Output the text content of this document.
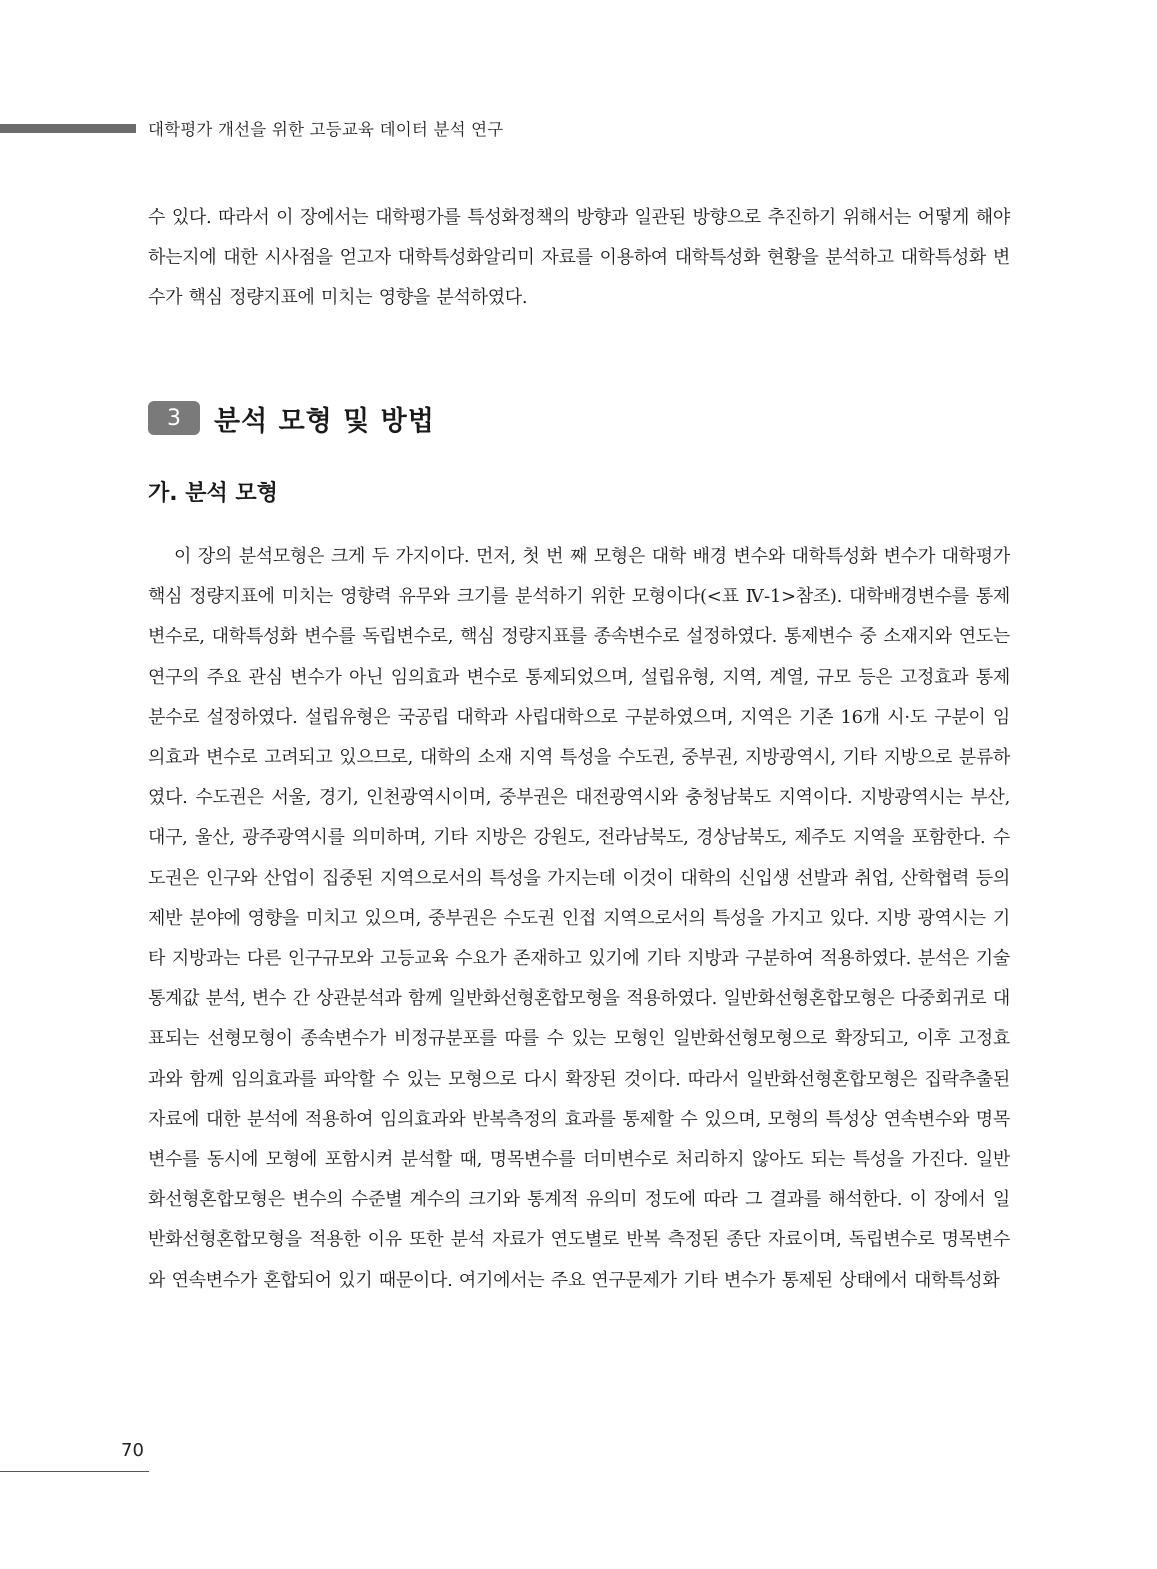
대학평가 개선을 위한 고등교육 데이터 분석 연구

수 있다. 따라서 이 장에서는 대학평가를 특성화정책의 방향과 일관된 방향으로 추진하기 위해서는 어떻게 해야 하는지에 대한 시사점을 얻고자 대학특성화알리미 자료를 이용하여 대학특성화 현황을 분석하고 대학특성화 변수가 핵심 정량지표에 미치는 영향을 분석하였다.

3	분석 모형 및 방법
가. 분석 모형

이 장의 분석모형은 크게 두 가지이다. 먼저, 첫 번 째 모형은 대학 배경 변수와 대학특성화 변수가 대학평가 핵심 정량지표에 미치는 영향력 유무와 크기를 분석하기 위한 모형이다(<표 Ⅳ-1>참조). 대학배경변수를 통제변수로, 대학특성화 변수를 독립변수로, 핵심 정량지표를 종속변수로 설정하였다. 통제변수 중 소재지와 연도는 연구의 주요 관심 변수가 아닌 임의효과 변수로 통제되었으며, 설립유형, 지역, 계열, 규모 등은 고정효과 통제 분수로 설정하였다. 설립유형은 국공립 대학과 사립대학으로 구분하였으며, 지역은 기존 16개 시·도 구분이 임의효과 변수로 고려되고 있으므로, 대학의 소재 지역 특성을 수도권, 중부권, 지방광역시, 기타 지방으로 분류하였다. 수도권은 서울, 경기, 인천광역시이며, 중부권은 대전광역시와 충청남북도 지역이다. 지방광역시는 부산, 대구, 울산, 광주광역시를 의미하며, 기타 지방은 강원도, 전라남북도, 경상남북도, 제주도 지역을 포함한다. 수도권은 인구와 산업이 집중된 지역으로서의 특성을 가지는데 이것이 대학의 신입생 선발과 취업, 산학협력 등의 제반 분야에 영향을 미치고 있으며, 중부권은 수도권 인접 지역으로서의 특성을 가지고 있다. 지방 광역시는 기타 지방과는 다른 인구규모와 고등교육 수요가 존재하고 있기에 기타 지방과 구분하여 적용하였다. 분석은 기술통계값 분석, 변수 간 상관분석과 함께 일반화선형혼합모형을 적용하였다. 일반화선형혼합모형은 다중회귀로 대표되는 선형모형이 종속변수가 비정규분포를 따를 수 있는 모형인 일반화선형모형으로 확장되고, 이후 고정효과와 함께 임의효과를 파악할 수 있는 모형으로 다시 확장된 것이다. 따라서 일반화선형혼합모형은 집락추출된 자료에 대한 분석에 적용하여 임의효과와 반복측정의 효과를 통제할 수 있으며, 모형의 특성상 연속변수와 명목변수를 동시에 모형에 포함시켜 분석할 때, 명목변수를 더미변수로 처리하지 않아도 되는 특성을 가진다. 일반화선형혼합모형은 변수의 수준별 계수의 크기와 통계적 유의미 정도에 따라 그 결과를 해석한다. 이 장에서 일반화선형혼합모형을 적용한 이유 또한 분석 자료가 연도별로 반복 측정된 종단 자료이며, 독립변수로 명목변수와 연속변수가 혼합되어 있기 때문이다. 여기에서는 주요 연구문제가 기타 변수가 통제된 상태에서 대학특성화

70
